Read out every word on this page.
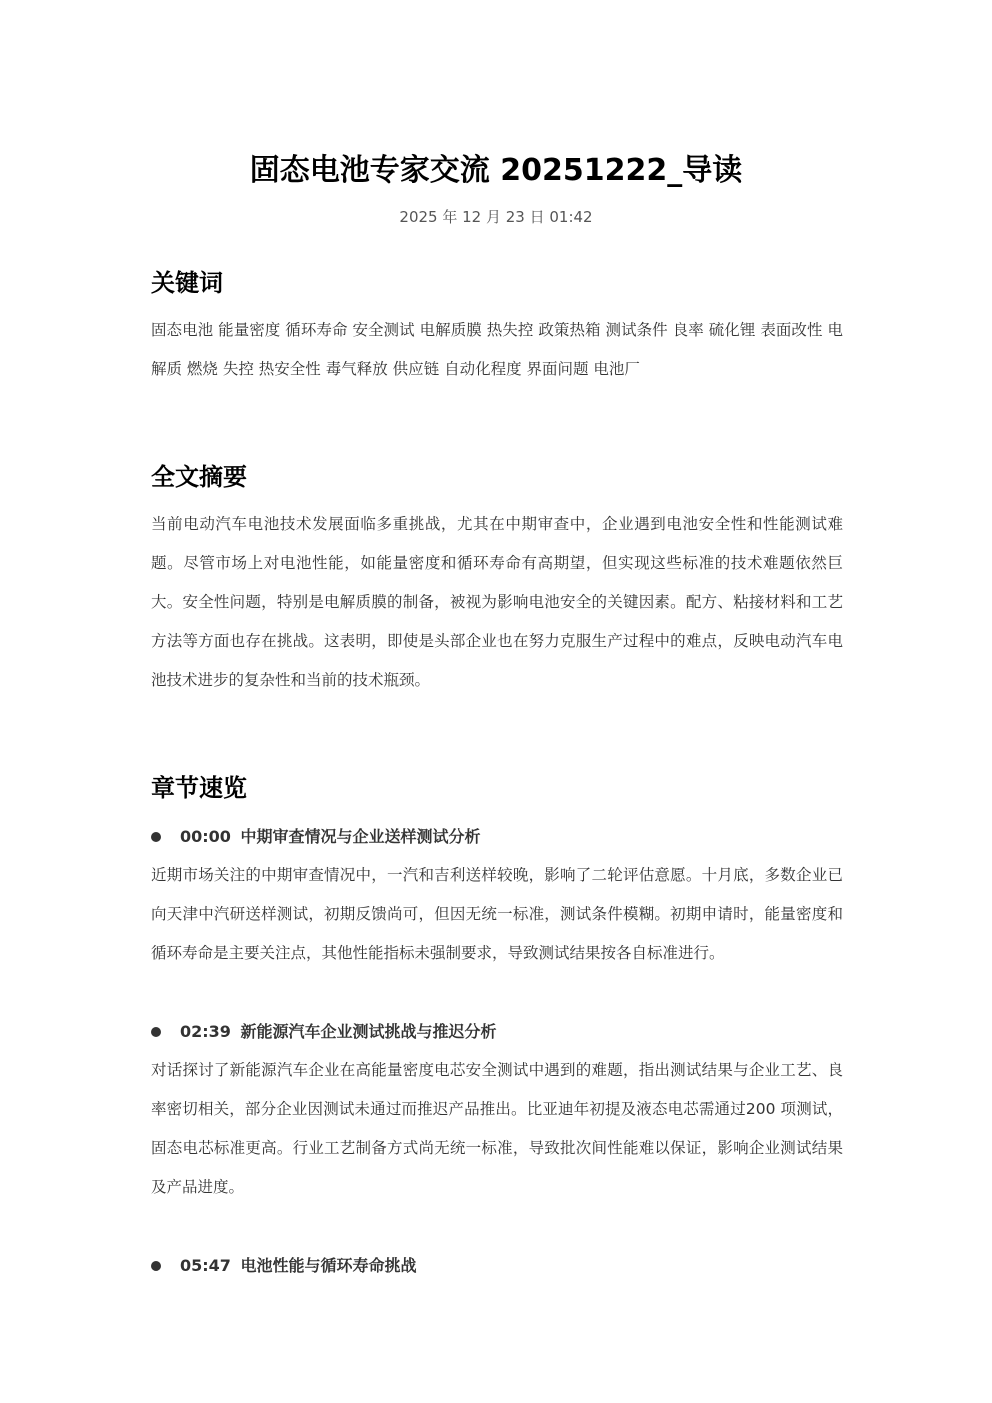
固态电池专家交流 20251222_导读
2025 年 12 月 23 日 01:42
关键词

固态电池 能量密度 循环寿命 安全测试 电解质膜 热失控 政策热箱 测试条件 良率 硫化锂 表面改性 电解质 燃烧 失控 热安全性 毒气释放 供应链 自动化程度 界面问题 电池厂

全文摘要

当前电动汽车电池技术发展面临多重挑战，尤其在中期审查中，企业遇到电池安全性和性能测试难题。尽管市场上对电池性能，如能量密度和循环寿命有高期望，但实现这些标准的技术难题依然巨大。安全性问题，特别是电解质膜的制备，被视为影响电池安全的关键因素。配方、粘接材料和工艺方法等方面也存在挑战。这表明，即使是头部企业也在努力克服生产过程中的难点，反映电动汽车电池技术进步的复杂性和当前的技术瓶颈。

章节速览
00:00 中期审查情况与企业送样测试分析

近期市场关注的中期审查情况中，一汽和吉利送样较晚，影响了二轮评估意愿。十月底，多数企业已向天津中汽研送样测试，初期反馈尚可，但因无统一标准，测试条件模糊。初期申请时，能量密度和循环寿命是主要关注点，其他性能指标未强制要求，导致测试结果按各自标准进行。

02:39 新能源汽车企业测试挑战与推迟分析

对话探讨了新能源汽车企业在高能量密度电芯安全测试中遇到的难题，指出测试结果与企业工艺、良率密切相关，部分企业因测试未通过而推迟产品推出。比亚迪年初提及液态电芯需通过200 项测试，固态电芯标准更高。行业工艺制备方式尚无统一标准，导致批次间性能难以保证，影响企业测试结果及产品进度。

05:47 电池性能与循环寿命挑战
